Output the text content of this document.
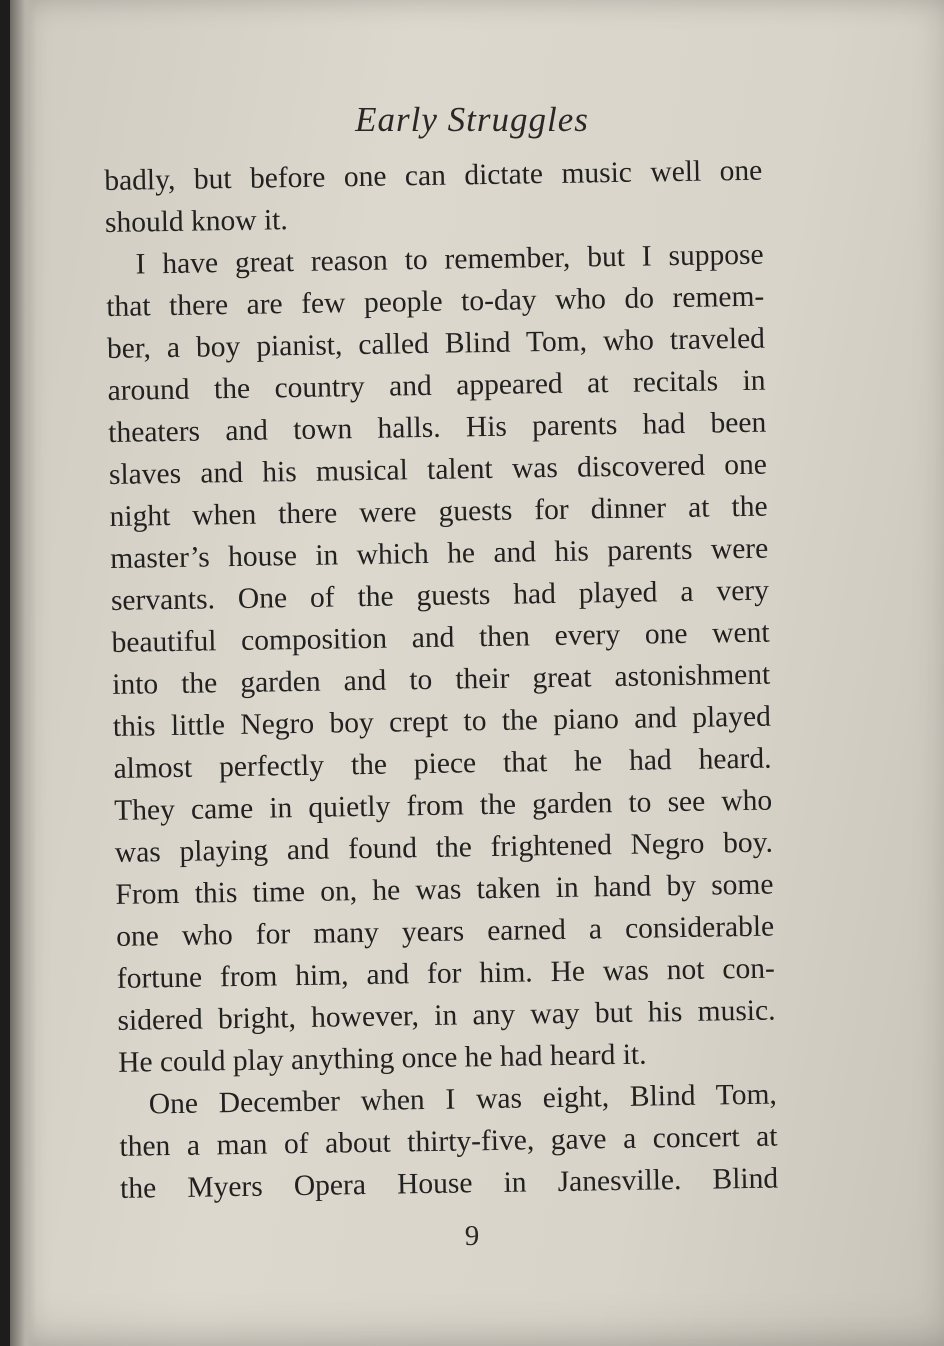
Early Struggles
badly, but before one can dictate music well one
should know it.
I have great reason to remember, but I suppose
that there are few people to-day who do remem-
ber, a boy pianist, called Blind Tom, who traveled
around the country and appeared at recitals in
theaters and town halls. His parents had been
slaves and his musical talent was discovered one
night when there were guests for dinner at the
master’s house in which he and his parents were
servants. One of the guests had played a very
beautiful composition and then every one went
into the garden and to their great astonishment
this little Negro boy crept to the piano and played
almost perfectly the piece that he had heard.
They came in quietly from the garden to see who
was playing and found the frightened Negro boy.
From this time on, he was taken in hand by some
one who for many years earned a considerable
fortune from him, and for him. He was not con-
sidered bright, however, in any way but his music.
He could play anything once he had heard it.
One December when I was eight, Blind Tom,
then a man of about thirty-five, gave a concert at
the Myers Opera House in Janesville. Blind
9
